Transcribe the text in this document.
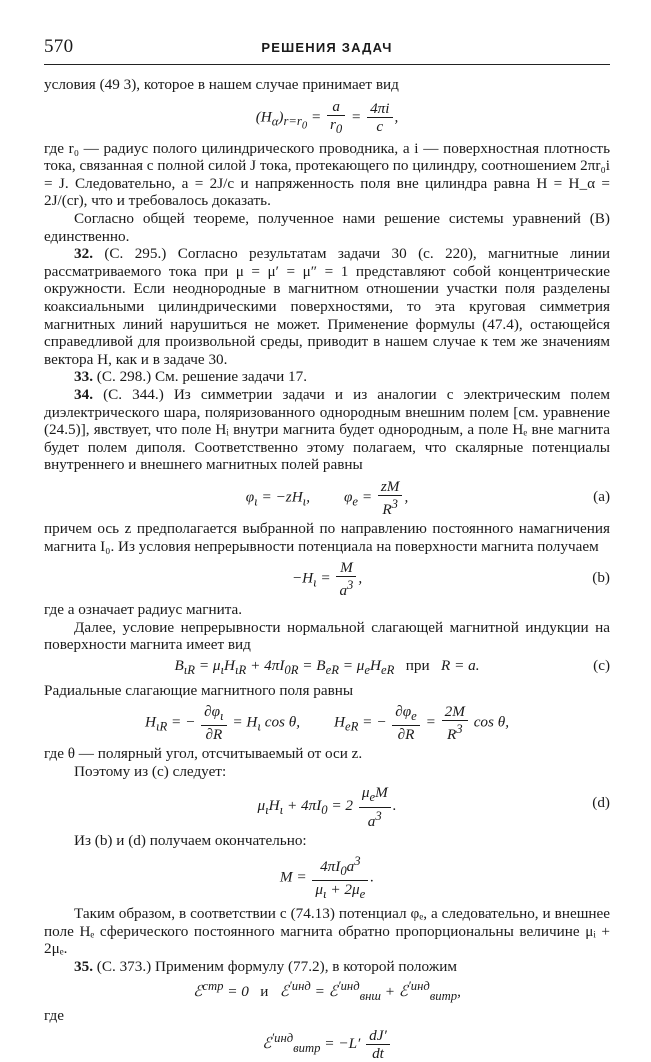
570	РЕШЕНИЯ ЗАДАЧ

условия (49 3), которое в нашем случае принимает вид

$(H_\alpha)_{r=r_0} = \frac{a}{r_0} = \frac{4\pi i}{c}$ ,

где r₀ — радиус полого цилиндрического проводника, a i — поверхностная плотность тока, связанная с полной силой J тока, протекающего по цилиндру, соотношением 2πr₀i = J. Следовательно, a = 2J/c и напряженность поля вне цилиндра равна H = H_α = 2J/(cr), что и требовалось доказать.

Согласно общей теореме, полученное нами решение системы уравнений (В) единственно.

32. (С. 295.) Согласно результатам задачи 30 (с. 220), магнитные линии рассматриваемого тока при μ = μ′ = μ″ = 1 представляют собой концентрические окружности. Если неоднородные в магнитном отношении участки поля разделены коаксиальными цилиндрическими поверхностями, то эта круговая симметрия магнитных линий нарушиться не может. Применение формулы (47.4), остающейся справедливой для произвольной среды, приводит в нашем случае к тем же значениям вектора H, как и в задаче 30.

33. (С. 298.) См. решение задачи 17.

34. (С. 344.) Из симметрии задачи и из аналогии с электрическим полем диэлектрического шара, поляризованного однородным внешним полем [см. уравнение (24.5)], явствует, что поле Hᵢ внутри магнита будет однородным, а поле Hₑ вне магнита будет полем диполя. Соответственно этому полагаем, что скалярные потенциалы внутреннего и внешнего магнитных полей равны

$\varphi_\iota = -zH_\iota$, $\varphi_e = \frac{zM}{R^3}$ ,	(a)

причем ось z предполагается выбранной по направлению постоянного намагничения магнита I₀. Из условия непрерывности потенциала на поверхности магнита получаем

$-H_\iota = \frac{M}{a^3}$ ,	(b)

где a означает радиус магнита.

Далее, условие непрерывности нормальной слагающей магнитной индукции на поверхности магнита имеет вид

$B_{\iota R} = \mu_\iota H_{\iota R} + 4\pi I_{0R} = B_{eR} = \mu_eH_{eR}$ при R = a.	(c)

Радиальные слагающие магнитного поля равны

$H_{\iota R}$ = − $\frac{\partial\varphi_\iota}{\partial R} = H_\iota$ cos θ, $H_{eR}$ = − $\frac{\partial\varphi_e}{\partial R} = \frac{2M}{R^3}$ cos θ,

где θ — полярный угол, отсчитываемый от оси z.

Поэтому из (с) следует:

$\mu_\iota H_\iota + 4\pi I_0 = 2$
$\mu_eM$
$a^3$
.	(d)

Из (b) и (d) получаем окончательно:

$M = \frac{4\pi I_0a^3}{\mu_\iota + 2\mu_e}$ .

Таким образом, в соответствии с (74.13) потенциал φₑ, а следовательно, и внешнее поле Hₑ сферического постоянного магнита обратно пропорциональны величине μᵢ + 2μₑ.

35. (С. 373.) Применим формулу (77.2), в которой положим

ℰ$^{стр}$ = 0   и   ℰ$^{'инд}$ = ℰ$^{'инд}_{внш}$ + ℰ$^{'инд}_{витр}$,

где

ℰ$^{'инд}_{витр}$ = $-L' \frac{dJ'}{dt}$
